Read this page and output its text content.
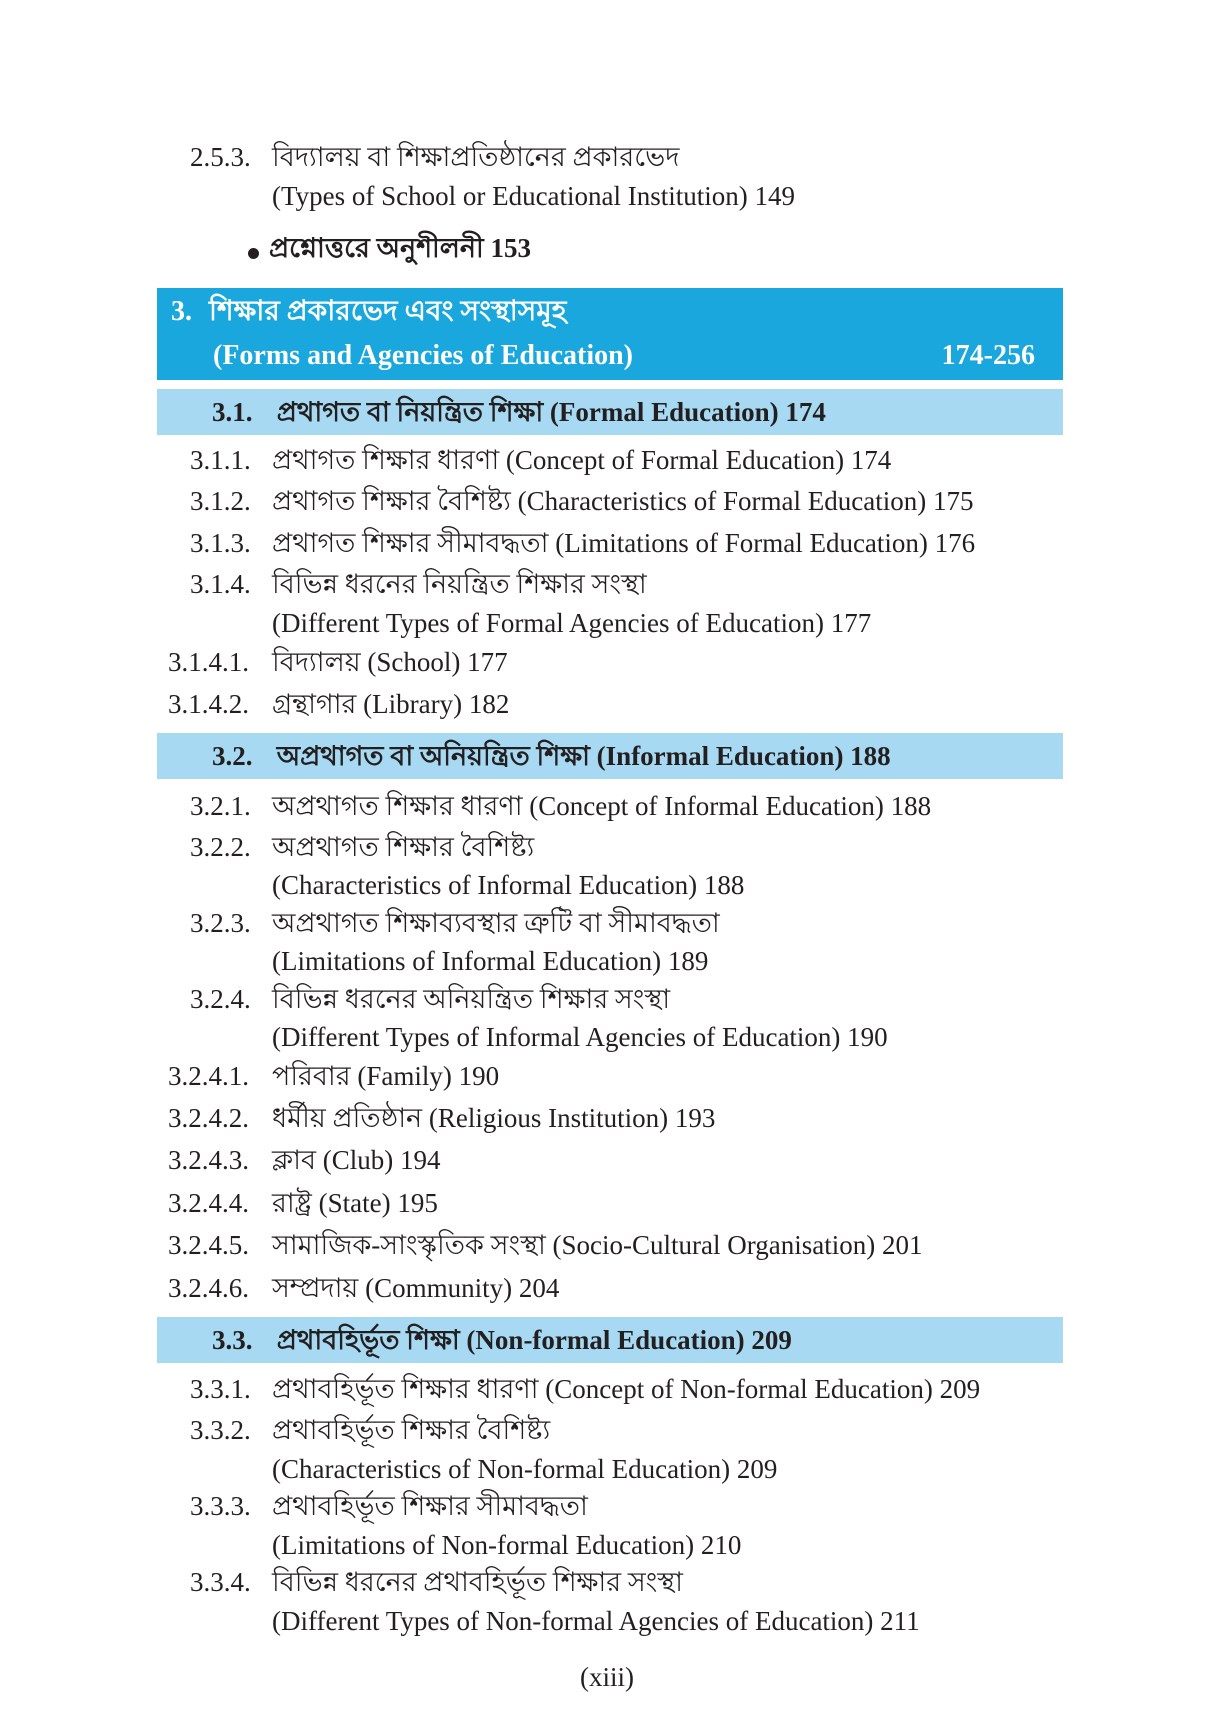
2.5.3. বিদ্যালয় বা শিক্ষাপ্রতিষ্ঠানের প্রকারভেদ
(Types of School or Educational Institution) 149
প্রশ্নোত্তরে অনুশীলনী 153
3. শিক্ষার প্রকারভেদ এবং সংস্থাসমূহ
(Forms and Agencies of Education)	174-256
3.1. প্রথাগত বা নিয়ন্ত্রিত শিক্ষা (Formal Education) 174
3.1.1. প্রথাগত শিক্ষার ধারণা (Concept of Formal Education) 174
3.1.2. প্রথাগত শিক্ষার বৈশিষ্ট্য (Characteristics of Formal Education) 175
3.1.3. প্রথাগত শিক্ষার সীমাবদ্ধতা (Limitations of Formal Education) 176
3.1.4. বিভিন্ন ধরনের নিয়ন্ত্রিত শিক্ষার সংস্থা
(Different Types of Formal Agencies of Education) 177
3.1.4.1. বিদ্যালয় (School) 177
3.1.4.2. গ্রন্থাগার (Library) 182
3.2. অপ্রথাগত বা অনিয়ন্ত্রিত শিক্ষা (Informal Education) 188
3.2.1. অপ্রথাগত শিক্ষার ধারণা (Concept of Informal Education) 188
3.2.2. অপ্রথাগত শিক্ষার বৈশিষ্ট্য
(Characteristics of Informal Education) 188
3.2.3. অপ্রথাগত শিক্ষাব্যবস্থার ত্রুটি বা সীমাবদ্ধতা
(Limitations of Informal Education) 189
3.2.4. বিভিন্ন ধরনের অনিয়ন্ত্রিত শিক্ষার সংস্থা
(Different Types of Informal Agencies of Education) 190
3.2.4.1. পরিবার (Family) 190
3.2.4.2. ধর্মীয় প্রতিষ্ঠান (Religious Institution) 193
3.2.4.3. ক্লাব (Club) 194
3.2.4.4. রাষ্ট্র (State) 195
3.2.4.5. সামাজিক-সাংস্কৃতিক সংস্থা (Socio-Cultural Organisation) 201
3.2.4.6. সম্প্রদায় (Community) 204
3.3. প্রথাবহির্ভূত শিক্ষা (Non-formal Education) 209
3.3.1. প্রথাবহির্ভূত শিক্ষার ধারণা (Concept of Non-formal Education) 209
3.3.2. প্রথাবহির্ভূত শিক্ষার বৈশিষ্ট্য
(Characteristics of Non-formal Education) 209
3.3.3. প্রথাবহির্ভূত শিক্ষার সীমাবদ্ধতা
(Limitations of Non-formal Education) 210
3.3.4. বিভিন্ন ধরনের প্রথাবহির্ভূত শিক্ষার সংস্থা
(Different Types of Non-formal Agencies of Education) 211
(xiii)
